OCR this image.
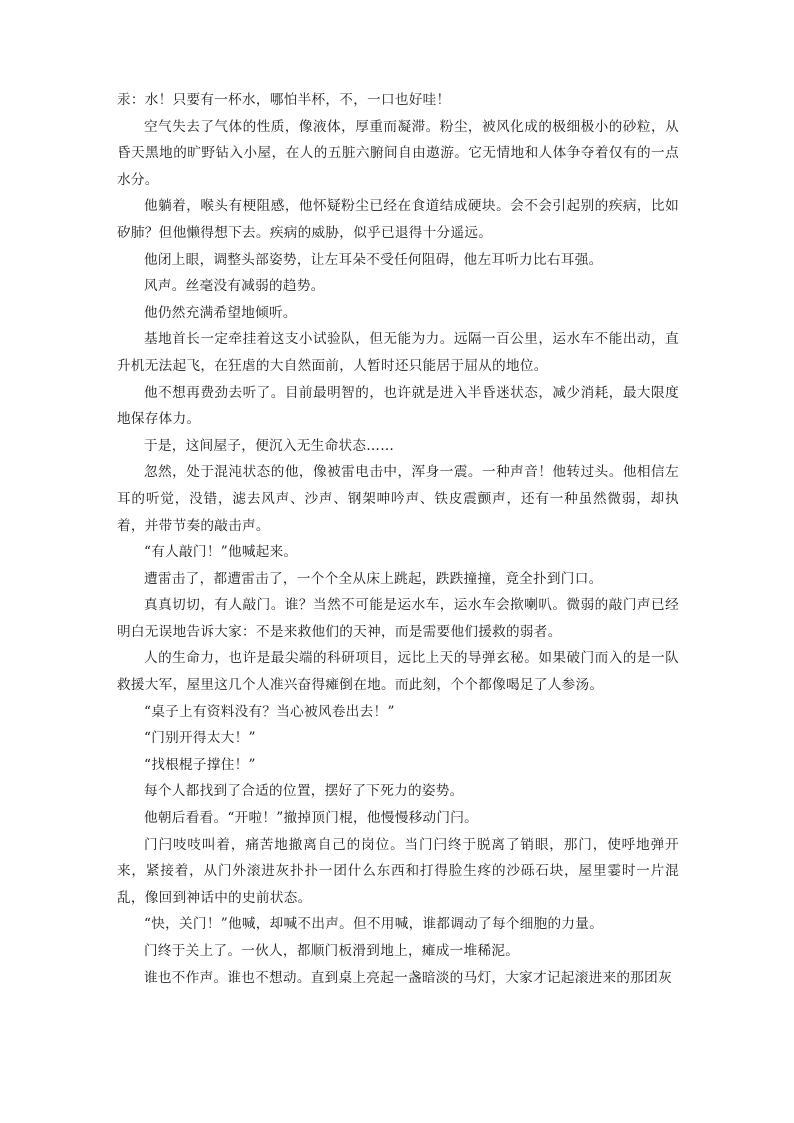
汞：水！只要有一杯水，哪怕半杯，不，一口也好哇！

空气失去了气体的性质，像液体，厚重而凝滞。粉尘，被风化成的极细极小的砂粒，从昏天黑地的旷野钻入小屋，在人的五脏六腑间自由遨游。它无情地和人体争夺着仅有的一点水分。

他躺着，喉头有梗阻感，他怀疑粉尘已经在食道结成硬块。会不会引起别的疾病，比如矽肺？但他懒得想下去。疾病的威胁，似乎已退得十分遥远。

他闭上眼，调整头部姿势，让左耳朵不受任何阻碍，他左耳听力比右耳强。

风声。丝毫没有减弱的趋势。

他仍然充满希望地倾听。

基地首长一定牵挂着这支小试验队，但无能为力。远隔一百公里，运水车不能出动，直升机无法起飞，在狂虐的大自然面前，人暂时还只能居于屈从的地位。

他不想再费劲去听了。目前最明智的，也许就是进入半昏迷状态，减少消耗，最大限度地保存体力。

于是，这间屋子，便沉入无生命状态……

忽然，处于混沌状态的他，像被雷电击中，浑身一震。一种声音！他转过头。他相信左耳的听觉，没错，滤去风声、沙声、钢架呻吟声、铁皮震颤声，还有一种虽然微弱，却执着，并带节奏的敲击声。

“有人敲门！”他喊起来。

遭雷击了，都遭雷击了，一个个全从床上跳起，跌跌撞撞，竟全扑到门口。

真真切切，有人敲门。谁？当然不可能是运水车，运水车会揿喇叭。微弱的敲门声已经明白无误地告诉大家：不是来救他们的天神，而是需要他们援救的弱者。

人的生命力，也许是最尖端的科研项目，远比上天的导弹玄秘。如果破门而入的是一队救援大军，屋里这几个人准兴奋得瘫倒在地。而此刻，个个都像喝足了人参汤。

“桌子上有资料没有？当心被风卷出去！”

“门别开得太大！”

“找根棍子撑住！”

每个人都找到了合适的位置，摆好了下死力的姿势。

他朝后看看。“开啦！”撤掉顶门棍，他慢慢移动门闩。

门闩吱吱叫着，痛苦地撤离自己的岗位。当门闩终于脱离了销眼，那门，使呼地弹开来，紧接着，从门外滚进灰扑扑一团什么东西和打得脸生疼的沙砾石块，屋里霎时一片混乱，像回到神话中的史前状态。

“快，关门！”他喊，却喊不出声。但不用喊，谁都调动了每个细胞的力量。

门终于关上了。一伙人，都顺门板滑到地上，瘫成一堆稀泥。

谁也不作声。谁也不想动。直到桌上亮起一盏暗淡的马灯，大家才记起滚进来的那团灰
